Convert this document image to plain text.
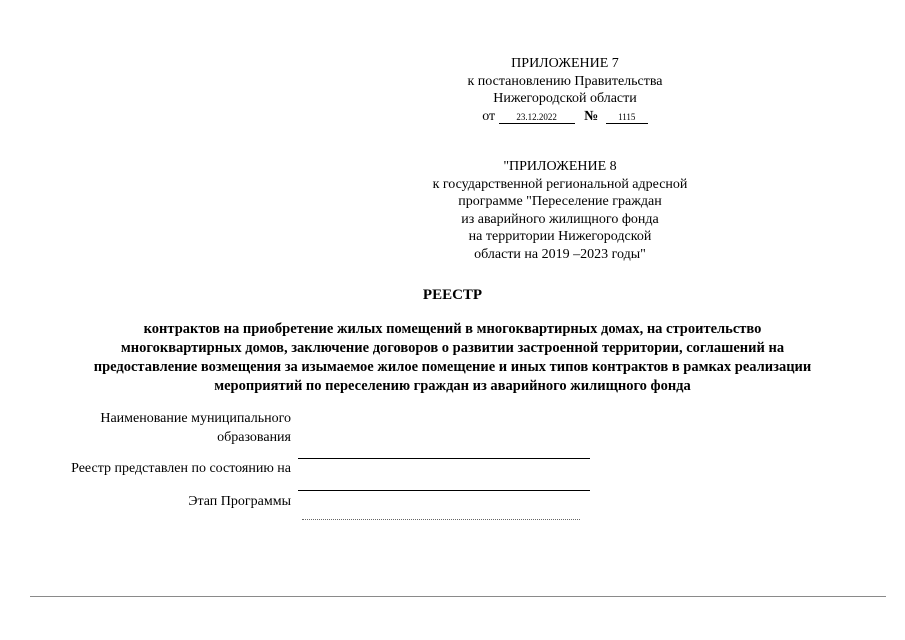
ПРИЛОЖЕНИЕ 7
к постановлению Правительства
Нижегородской области
от 23.12.2022 № 1115
"ПРИЛОЖЕНИЕ 8
к государственной региональной адресной
программе "Переселение граждан
из аварийного жилищного фонда
на территории Нижегородской
области на 2019 –2023 годы"
РЕЕСТР
контрактов на приобретение жилых помещений в многоквартирных домах, на строительство многоквартирных домов, заключение договоров о развитии застроенной территории, соглашений на предоставление возмещения за изымаемое жилое помещение и иных типов контрактов в рамках реализации мероприятий по переселению граждан из аварийного жилищного фонда
Наименование муниципального образования
Реестр представлен по состоянию на
Этап Программы
